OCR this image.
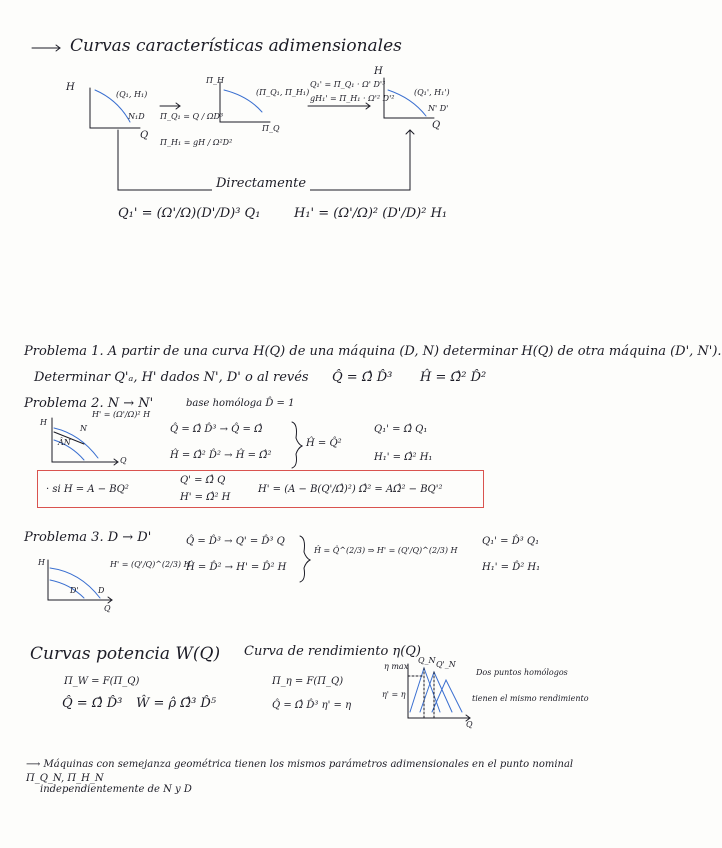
Curvas características adimensionales
H
Q
(Q₁, H₁)
N₁D Π_Q₁ = Q / ΩD³
Π_H₁ = gH / Ω²D²
Π_H
Π_Q
(Π_Q₁, Π_H₁)
Q₁' = Π_Q₁ · Ω' D'³
gH₁' = Π_H₁ · Ω'² D'²
H
Q
(Q₁', H₁')
N' D'
Directamente
Q₁' = (Ω'/Ω)(D'/D)³ Q₁	H₁' = (Ω'/Ω)² (D'/D)² H₁
Problema 1. A partir de una curva H(Q) de una máquina (D, N) determinar H(Q) de otra máquina (D', N').
Determinar Q'ₐ, H' dados N', D' o al revés Q̂ = Ω̂ D̂³ Ĥ = Ω̂² D̂²
Problema 2. N → N'	base homóloga D̂ = 1
H
Q
ÂN
N
H' = (Ω'/Ω)² H
Q̂ = Ω̂ D̂³ → Q̂ = Ω̂
Ĥ = Ω̂² D̂² → Ĥ = Ω̂²
Ĥ = Q̂²
Q₁' = Ω̂ Q₁
H₁' = Ω̂² H₁
· si H = A − BQ²
Q' = Ω̂ Q
H' = Ω̂² H
H' = (A − B(Q'/Ω̂)²) Ω̂² = AΩ̂² − BQ'²
Problema 3. D → D'
H
Q
D
D'
H' = (Q'/Q)^(2/3) H
Q̂ = D̂³ → Q' = D̂³ Q
Ĥ = D̂² → H' = D̂² H
Ĥ = Q̂^(2/3) ⇒ H' = (Q'/Q)^(2/3) H
Q₁' = D̂³ Q₁
H₁' = D̂² H₁
Curvas potencia W(Q)
Π_W = F(Π_Q)
Q̂ = Ω̂ D̂³ Ŵ = ρ̂ Ω̂³ D̂⁵
Curva de rendimiento η(Q)
Π_η = F(Π_Q)
Q̂ = Ω̂ D̂³ η' = η
η max
η' = η
Q_N Q'_N
Q
Dos puntos homólogos
tienen el mismo rendimiento
⟶ Máquinas con semejanza geométrica tienen los mismos parámetros adimensionales en el punto nominal Π_Q_N, Π_H_N
independientemente de N y D
